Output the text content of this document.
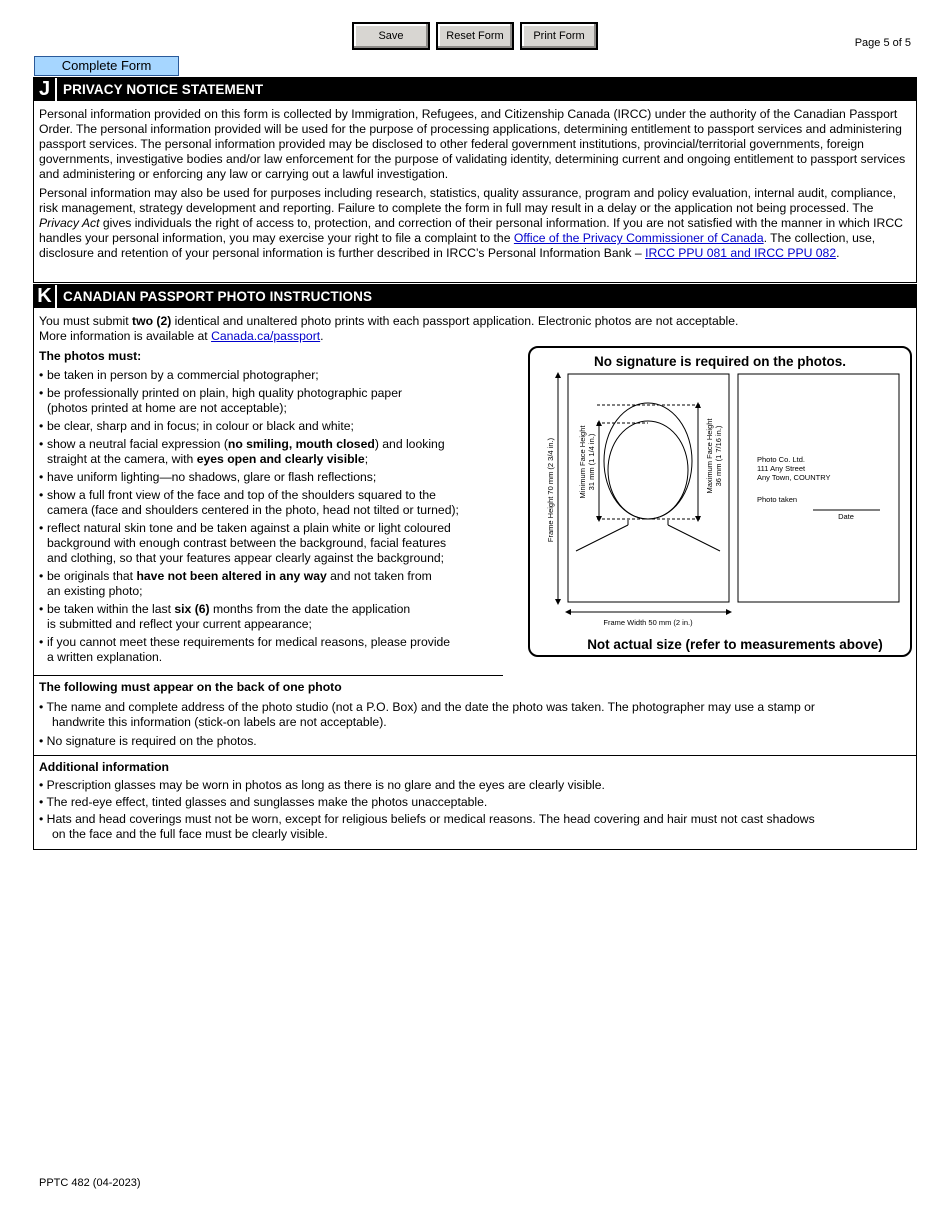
Save	Reset Form	Print Form
Page 5 of 5
Complete Form
J PRIVACY NOTICE STATEMENT

Personal information provided on this form is collected by Immigration, Refugees, and Citizenship Canada (IRCC) under the authority of the Canadian Passport Order. The personal information provided will be used for the purpose of processing applications, determining entitlement to passport services and administering passport services. The personal information provided may be disclosed to other federal government institutions, provincial/territorial governments, foreign governments, investigative bodies and/or law enforcement for the purpose of validating identity, determining current and ongoing entitlement to passport services and administering or enforcing any law or carrying out a lawful investigation.

Personal information may also be used for purposes including research, statistics, quality assurance, program and policy evaluation, internal audit, compliance, risk management, strategy development and reporting. Failure to complete the form in full may result in a delay or the application not being processed. The Privacy Act gives individuals the right of access to, protection, and correction of their personal information. If you are not satisfied with the manner in which IRCC handles your personal information, you may exercise your right to file a complaint to the Office of the Privacy Commissioner of Canada. The collection, use, disclosure and retention of your personal information is further described in IRCC’s Personal Information Bank – IRCC PPU 081 and IRCC PPU 082.

K CANADIAN PASSPORT PHOTO INSTRUCTIONS
You must submit two (2) identical and unaltered photo prints with each passport application. Electronic photos are not acceptable.
More information is available at Canada.ca/passport.
The photos must:
• be taken in person by a commercial photographer;
• be professionally printed on plain, high quality photographic paper
(photos printed at home are not acceptable);
• be clear, sharp and in focus; in colour or black and white;
• show a neutral facial expression (no smiling, mouth closed) and looking
straight at the camera, with eyes open and clearly visible;
• have uniform lighting—no shadows, glare or flash reflections;
• show a full front view of the face and top of the shoulders squared to the
camera (face and shoulders centered in the photo, head not tilted or turned);
• reflect natural skin tone and be taken against a plain white or light coloured
background with enough contrast between the background, facial features
and clothing, so that your features appear clearly against the background;
• be originals that have not been altered in any way and not taken from
an existing photo;
• be taken within the last six (6) months from the date the application
is submitted and reflect your current appearance;
• if you cannot meet these requirements for medical reasons, please provide
a written explanation.
No signature is required on the photos.
Frame Height 70 mm (2 3/4 in.)	Minimum Face Height 31 mm (1 1/4 in.)	Maximum Face Height 36 mm (1 7/16 in.)
Frame Width 50 mm (2 in.)
Photo Co. Ltd.
111 Any Street
Any Town, COUNTRY
Photo taken
Date
Not actual size (refer to measurements above)
The following must appear on the back of one photo
• The name and complete address of the photo studio (not a P.O. Box) and the date the photo was taken. The photographer may use a stamp or
handwrite this information (stick-on labels are not acceptable).
• No signature is required on the photos.
Additional information
• Prescription glasses may be worn in photos as long as there is no glare and the eyes are clearly visible.
• The red-eye effect, tinted glasses and sunglasses make the photos unacceptable.
• Hats and head coverings must not be worn, except for religious beliefs or medical reasons. The head covering and hair must not cast shadows
on the face and the full face must be clearly visible.
PPTC 482 (04-2023)
